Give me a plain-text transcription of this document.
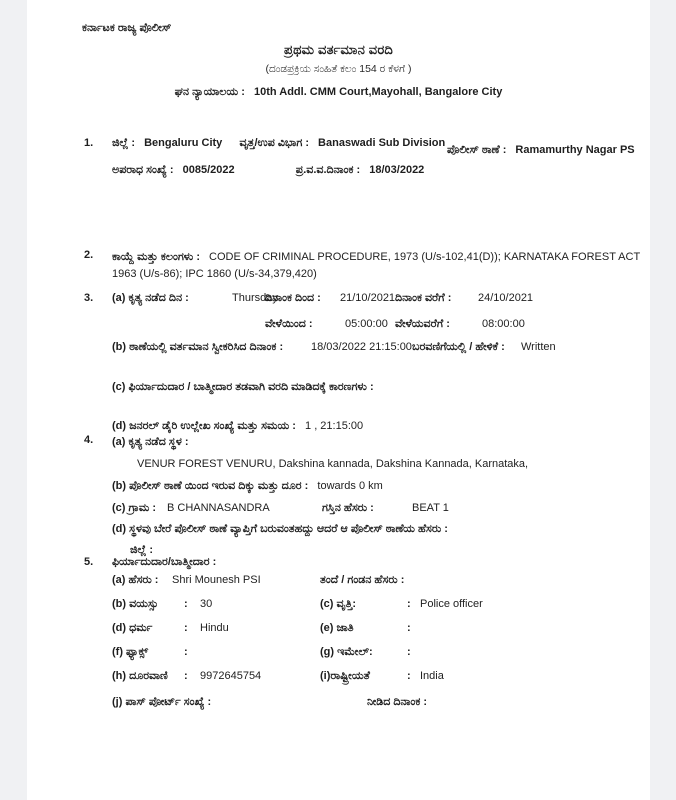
ಕರ್ನಾಟಕ ರಾಜ್ಯ ಪೊಲೀಸ್
ಪ್ರಥಮ ವರ್ತಮಾನ ವರದಿ
(ದಂಡಪ್ರಕ್ರಿಯ ಸಂಹಿತೆ ಕಲಂ 154 ರ ಕೆಳಗೆ )
ಘನ ನ್ಯಾಯಾಲಯ : 10th Addl. CMM Court,Mayohall, Bangalore City
1. ಜಿಲ್ಲೆ : Bengaluru City ವೃತ್ತ/ಉಪ ವಿಭಾಗ : Banaswadi Sub Division
ಪೊಲೀಸ್ ಠಾಣೆ : Ramamurthy Nagar PS
ಅಪರಾಧ ಸಂಖ್ಯೆ : 0085/2022	ಪ್ರ.ವ.ವ.ದಿನಾಂಕ : 18/03/2022
2. ಕಾಯ್ದೆ ಮತ್ತು ಕಲಂಗಳು : CODE OF CRIMINAL PROCEDURE, 1973 (U/s-102,41(D)); KARNATAKA FOREST ACT 1963 (U/s-86); IPC 1860 (U/s-34,379,420)
3. (a) ಕೃತ್ಯ ನಡೆದ ದಿನ :	Thursday
ದಿನಾಂಕ ದಿಂದ : 21/10/2021 ದಿನಾಂಕ ವರೆಗೆ : 24/10/2021
ವೇಳೆಯಿಂದ :	05:00:00 ವೇಳೆಯವರೆಗೆ :	08:00:00
(b) ಠಾಣೆಯಲ್ಲಿ ವರ್ತಮಾನ ಸ್ವೀಕರಿಸಿದ ದಿನಾಂಕ :	18/03/2022 21:15:00 ಬರವಣಿಗೆಯಲ್ಲಿ / ಹೇಳಿಕೆ : Written
(c) ಫಿರ್ಯಾದುದಾರ / ಬಾತ್ಮೀದಾರ ತಡವಾಗಿ ವರದಿ ಮಾಡಿದಕ್ಕೆ ಕಾರಣಗಳು :
(d) ಜನರಲ್ ಡೈರಿ ಉಲ್ಲೇಖ ಸಂಖ್ಯೆ ಮತ್ತು ಸಮಯ : 1 , 21:15:00
4. (a) ಕೃತ್ಯ ನಡೆದ ಸ್ಥಳ :
VENUR FOREST VENURU, Dakshina kannada, Dakshina Kannada, Karnataka,
(b) ಪೊಲೀಸ್ ಠಾಣೆ ಯಿಂದ ಇರುವ ದಿಕ್ಕು ಮತ್ತು ದೂರ : towards 0 km
(c) ಗ್ರಾಮ : B CHANNASANDRA	ಗಸ್ತಿನ ಹೆಸರು :	BEAT 1
(d) ಸ್ಥಳವು ಬೇರೆ ಪೊಲೀಸ್ ಠಾಣೆ ವ್ಯಾಪ್ತಿಗೆ ಬರುವಂತಹದ್ದು ಆದರೆ ಆ ಪೊಲೀಸ್ ಠಾಣೆಯ ಹೆಸರು :
ಜಿಲ್ಲೆ :
5. ಫಿರ್ಯಾದುದಾರ/ಬಾತ್ಮೀದಾರ :
(a) ಹೆಸರು : Shri Mounesh PSI	ತಂದೆ / ಗಂಡನ ಹೆಸರು :
(b) ವಯಸ್ಸು : 30	(c) ವೃತ್ತಿ:	: Police officer
(d) ಧರ್ಮ	: Hindu	(e) ಜಾತಿ	:
(f) ಫ್ಯಾಕ್ಸ್	:	(g) ಇಮೇಲ್:	:
(h) ದೂರವಾಣಿ : 9972645754	(i)ರಾಷ್ಟ್ರೀಯತೆ	: India
(j) ಪಾಸ್ ಪೋರ್ಟ್ ಸಂಖ್ಯೆ :	ನೀಡಿದ ದಿನಾಂಕ :
